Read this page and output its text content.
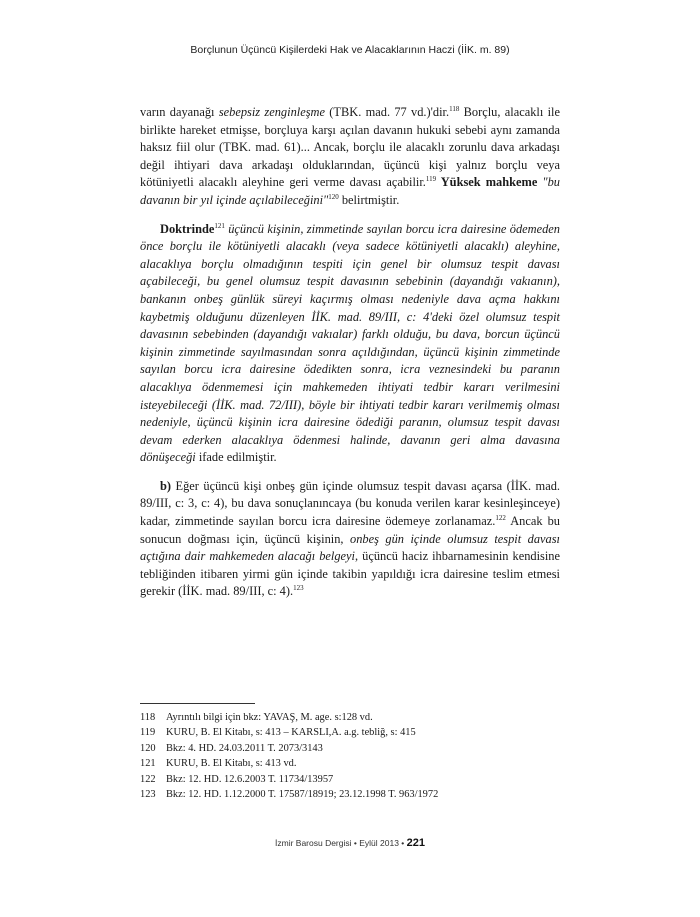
Borçlunun Üçüncü Kişilerdeki Hak ve Alacaklarının Haczi (İİK. m. 89)

varın dayanağı sebepsiz zenginleşme (TBK. mad. 77 vd.)'dir.$^{118}$ Borçlu, alacaklı ile birlikte hareket etmişse, borçluya karşı açılan davanın hukuki sebebi aynı zamanda haksız fiil olur (TBK. mad. 61)... Ancak, borçlu ile alacaklı zorunlu dava arkadaşı değil ihtiyari dava arkadaşı olduklarından, üçüncü kişi yalnız borçlu veya kötüniyetli alacaklı aleyhine geri verme davası açabilir.$^{119}$ Yüksek mahkeme "bu davanın bir yıl içinde açılabileceğini"$^{120}$ belirtmiştir.

Doktrinde$^{121}$ üçüncü kişinin, zimmetinde sayılan borcu icra dairesine ödemeden önce borçlu ile kötüniyetli alacaklı (veya sadece kötüniyetli alacaklı) aleyhine, alacaklıya borçlu olmadığının tespiti için genel bir olumsuz tespit davası açabileceği, bu genel olumsuz tespit davasının sebebinin (dayandığı vakıanın), bankanın onbeş günlük süreyi kaçırmış olması nedeniyle dava açma hakkını kaybetmiş olduğunu düzenleyen İİK. mad. 89/III, c: 4'deki özel olumsuz tespit davasının sebebinden (dayandığı vakıalar) farklı olduğu, bu dava, borcun üçüncü kişinin zimmetinde sayılmasından sonra açıldığından, üçüncü kişinin zimmetinde sayılan borcu icra dairesine ödedikten sonra, icra veznesindeki bu paranın alacaklıya ödenmemesi için mahkemeden ihtiyati tedbir kararı verilmesini isteyebileceği (İİK. mad. 72/III), böyle bir ihtiyati tedbir kararı verilmemiş olması nedeniyle, üçüncü kişinin icra dairesine ödediği paranın, olumsuz tespit davası devam ederken alacaklıya ödenmesi halinde, davanın geri alma davasına dönüşeceği ifade edilmiştir.

b) Eğer üçüncü kişi onbeş gün içinde olumsuz tespit davası açarsa (İİK. mad. 89/III, c: 3, c: 4), bu dava sonuçlanıncaya (bu konuda verilen karar kesinleşinceye) kadar, zimmetinde sayılan borcu icra dairesine ödemeye zorlanamaz.$^{122}$ Ancak bu sonucun doğması için, üçüncü kişinin, onbeş gün içinde olumsuz tespit davası açtığına dair mahkemeden alacağı belgeyi, üçüncü haciz ihbarnamesinin kendisine tebliğinden itibaren yirmi gün içinde takibin yapıldığı icra dairesine teslim etmesi gerekir (İİK. mad. 89/III, c: 4).$^{123}$

118 Ayrıntılı bilgi için bkz: YAVAŞ, M. age. s:128 vd.
119 KURU, B. El Kitabı, s: 413 – KARSLI,A. a.g. tebliğ, s: 415
120 Bkz: 4. HD. 24.03.2011 T. 2073/3143
121 KURU, B. El Kitabı, s: 413 vd.
122 Bkz: 12. HD. 12.6.2003 T. 11734/13957
123 Bkz: 12. HD. 1.12.2000 T. 17587/18919; 23.12.1998 T. 963/1972
İzmir Barosu Dergisi • Eylül 2013 • 221
